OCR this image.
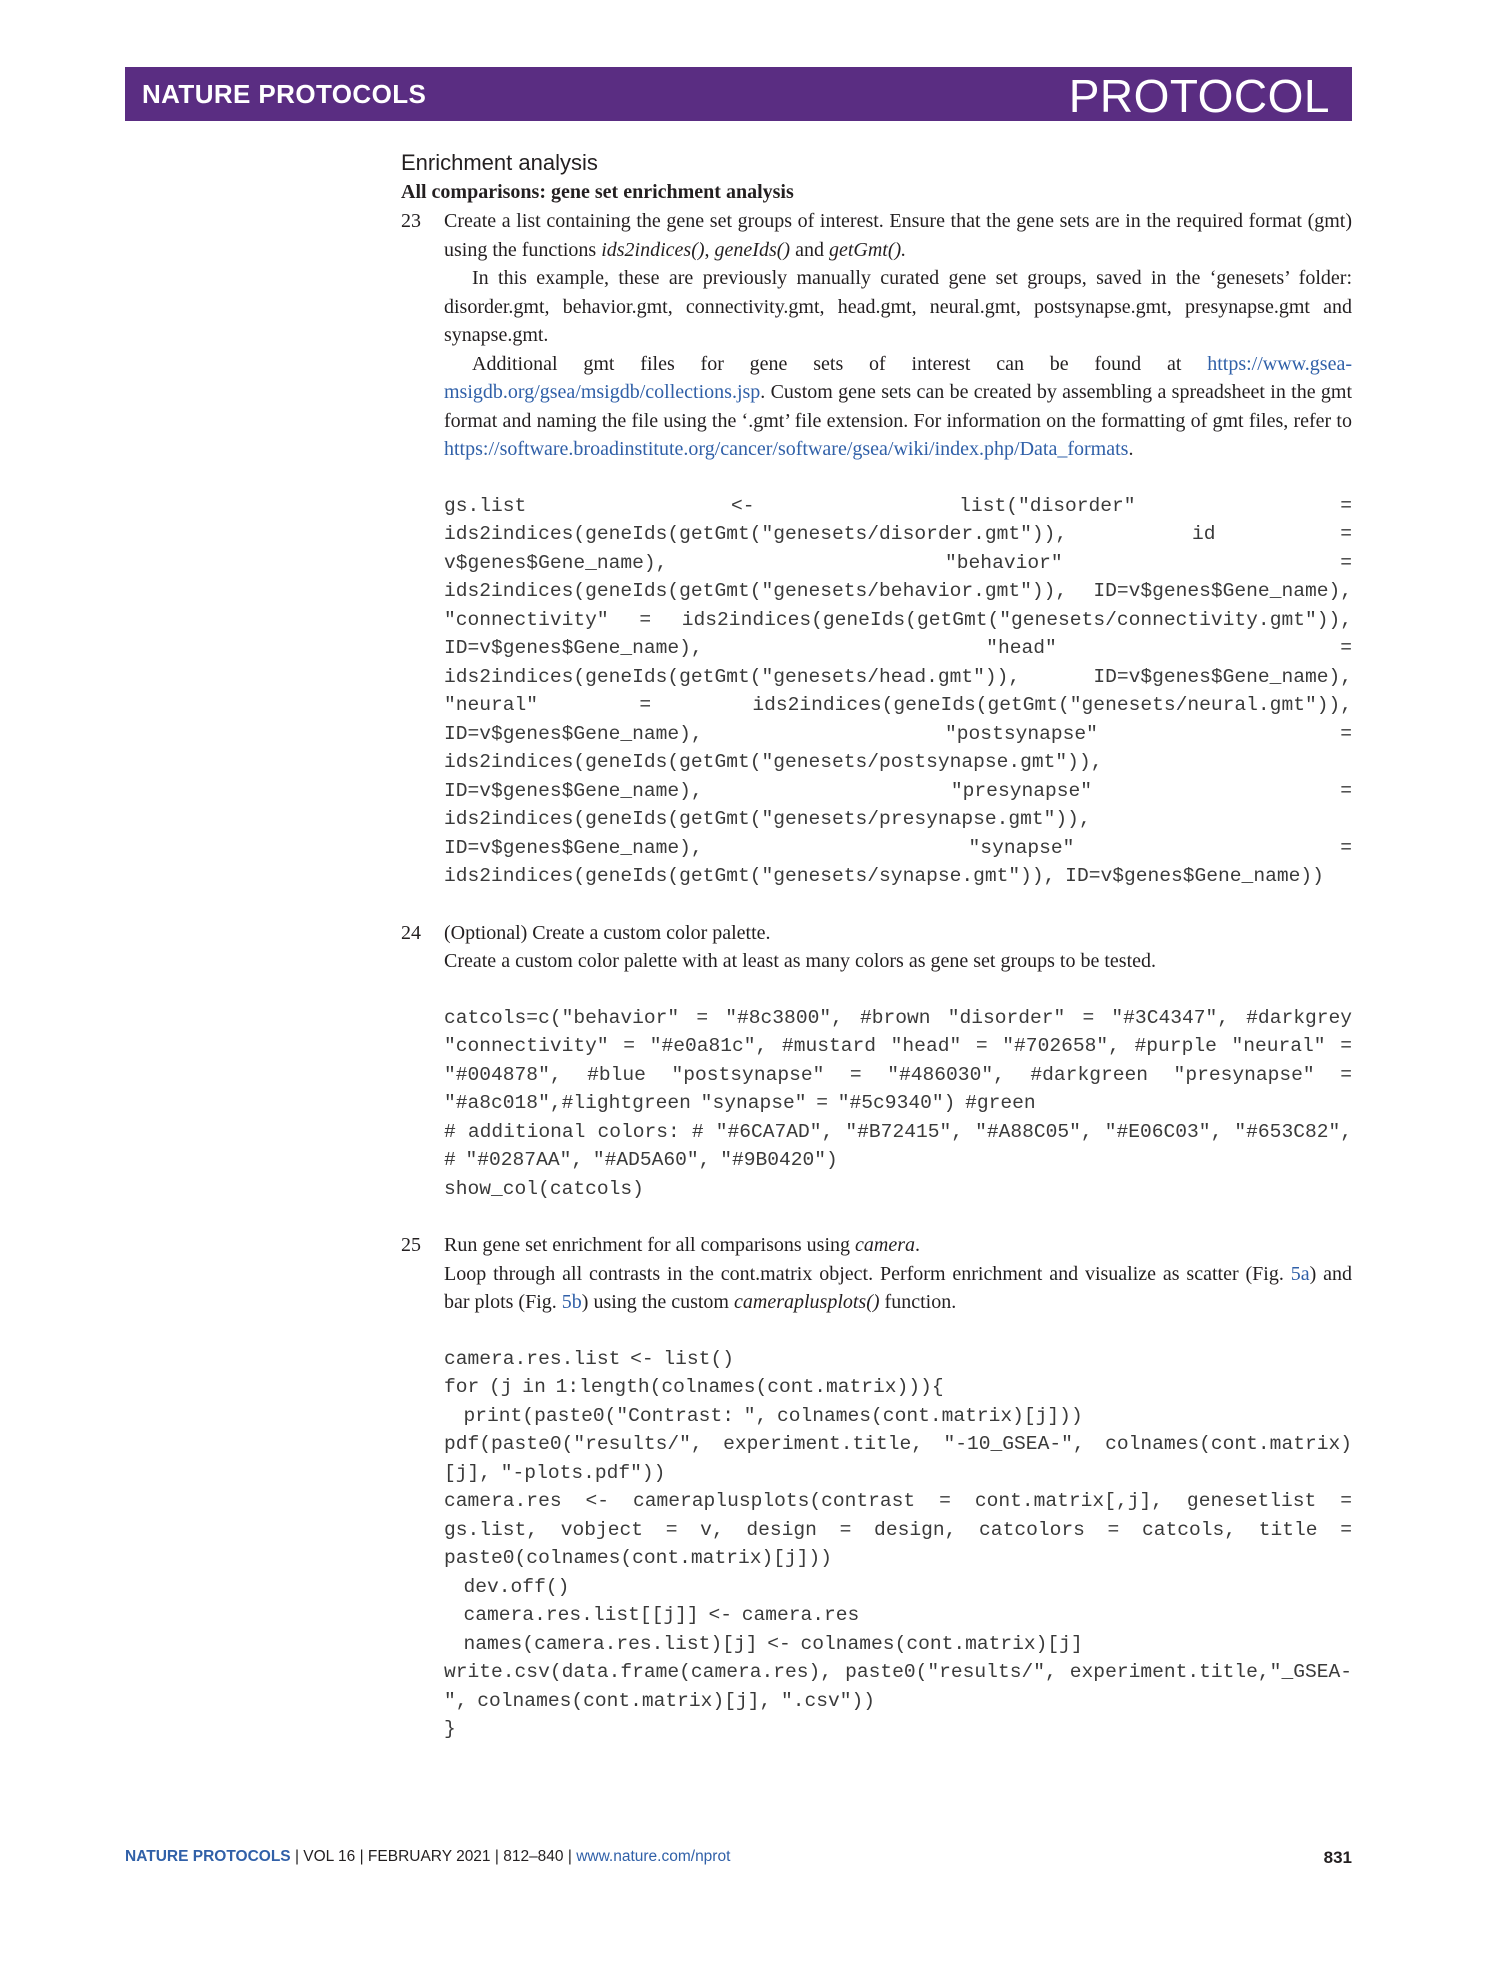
NATURE PROTOCOLS	PROTOCOL
Enrichment analysis
All comparisons: gene set enrichment analysis
23 Create a list containing the gene set groups of interest. Ensure that the gene sets are in the required format (gmt) using the functions ids2indices(), geneIds() and getGmt().

In this example, these are previously manually curated gene set groups, saved in the ‘genesets’ folder: disorder.gmt, behavior.gmt, connectivity.gmt, head.gmt, neural.gmt, postsynapse.gmt, presynapse.gmt and synapse.gmt.

Additional gmt files for gene sets of interest can be found at https://www.gsea-msigdb.org/gsea/msigdb/collections.jsp. Custom gene sets can be created by assembling a spreadsheet in the gmt format and naming the file using the ‘.gmt’ file extension. For information on the formatting of gmt files, refer to https://software.broadinstitute.org/cancer/software/gsea/wiki/index.php/Data_formats.

gs.list <- list("disorder" = ids2indices(geneIds(getGmt("genesets/disorder.gmt")), id = v$genes$Gene_name), "behavior" = ids2indices(geneIds(getGmt("genesets/behavior.gmt")), ID=v$genes$Gene_name), "connectivity" = ids2indices(geneIds(getGmt("genesets/connectivity.gmt")), ID=v$genes$Gene_name), "head" = ids2indices(geneIds(getGmt("genesets/head.gmt")), ID=v$genes$Gene_name), "neural" = ids2indices(geneIds(getGmt("genesets/neural.gmt")), ID=v$genes$Gene_name), "postsynapse" = ids2indices(geneIds(getGmt("genesets/postsynapse.gmt")), ID=v$genes$Gene_name), "presynapse" = ids2indices(geneIds(getGmt("genesets/presynapse.gmt")), ID=v$genes$Gene_name), "synapse" = ids2indices(geneIds(getGmt("genesets/synapse.gmt")), ID=v$genes$Gene_name))

24 (Optional) Create a custom color palette.

Create a custom color palette with at least as many colors as gene set groups to be tested.

catcols=c("behavior" = "#8c3800", #brown "disorder" = "#3C4347", #darkgrey "connectivity" = "#e0a81c", #mustard "head" = "#702658", #purple "neural" = "#004878", #blue "postsynapse" = "#486030", #darkgreen "presynapse" = "#a8c018",#lightgreen "synapse" = "#5c9340") #green

# additional colors: # "#6CA7AD", "#B72415", "#A88C05", "#E06C03", "#653C82", # "#0287AA", "#AD5A60", "#9B0420")

show_col(catcols)

25 Run gene set enrichment for all comparisons using camera.

Loop through all contrasts in the cont.matrix object. Perform enrichment and visualize as scatter (Fig. 5a) and bar plots (Fig. 5b) using the custom cameraplusplots() function.

camera.res.list <- list()
for (j in 1:length(colnames(cont.matrix))){
print(paste0("Contrast: ", colnames(cont.matrix)[j]))

pdf(paste0("results/", experiment.title, "-10_GSEA-", colnames(cont.matrix)[j], "-plots.pdf"))

camera.res <- cameraplusplots(contrast = cont.matrix[,j], genesetlist = gs.list, vobject = v, design = design, catcolors = catcols, title = paste0(colnames(cont.matrix)[j]))

dev.off()
camera.res.list[[j]] <- camera.res
names(camera.res.list)[j] <- colnames(cont.matrix)[j]

write.csv(data.frame(camera.res), paste0("results/", experiment.title,"_GSEA-", colnames(cont.matrix)[j], ".csv"))

}
NATURE PROTOCOLS | VOL 16 | FEBRUARY 2021 | 812–840 | www.nature.com/nprot	831
